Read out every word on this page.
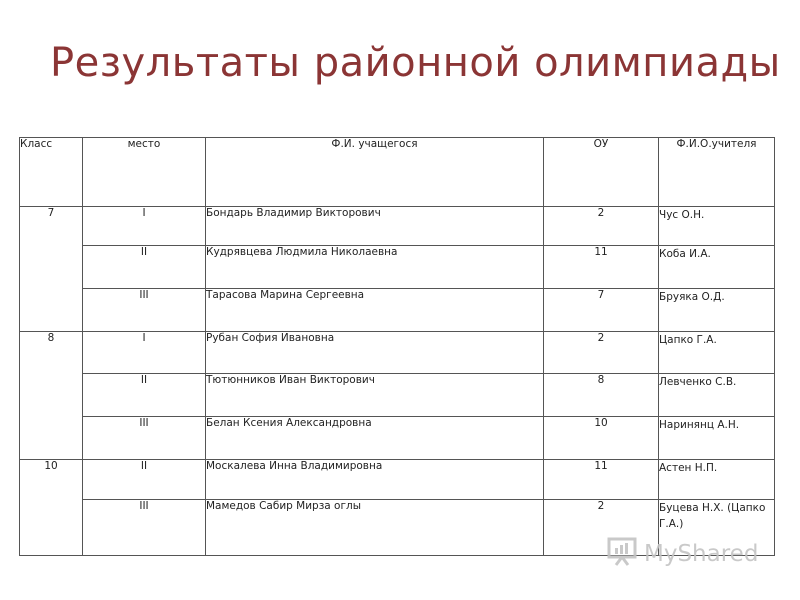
Результаты районной олимпиады
Класс	место	Ф.И. учащегося	ОУ	Ф.И.О.учителя
7	I	Бондарь Владимир Викторович	2	Чус О.Н.
	II	Кудрявцева Людмила Николаевна	11	Коба И.А.
	III	Тарасова Марина Сергеевна	7	Бруяка О.Д.
8	I	Рубан София Ивановна	2	Цапко Г.А.
	II	Тютюнников Иван Викторович	8	Левченко С.В.
	III	Белан Ксения Александровна	10	Наринянц А.Н.
10	II	Москалева Инна Владимировна	11	Астен Н.П.
	III	Мамедов Сабир Мирза оглы	2	Буцева Н.Х. (Цапко Г.А.)
MyShared
